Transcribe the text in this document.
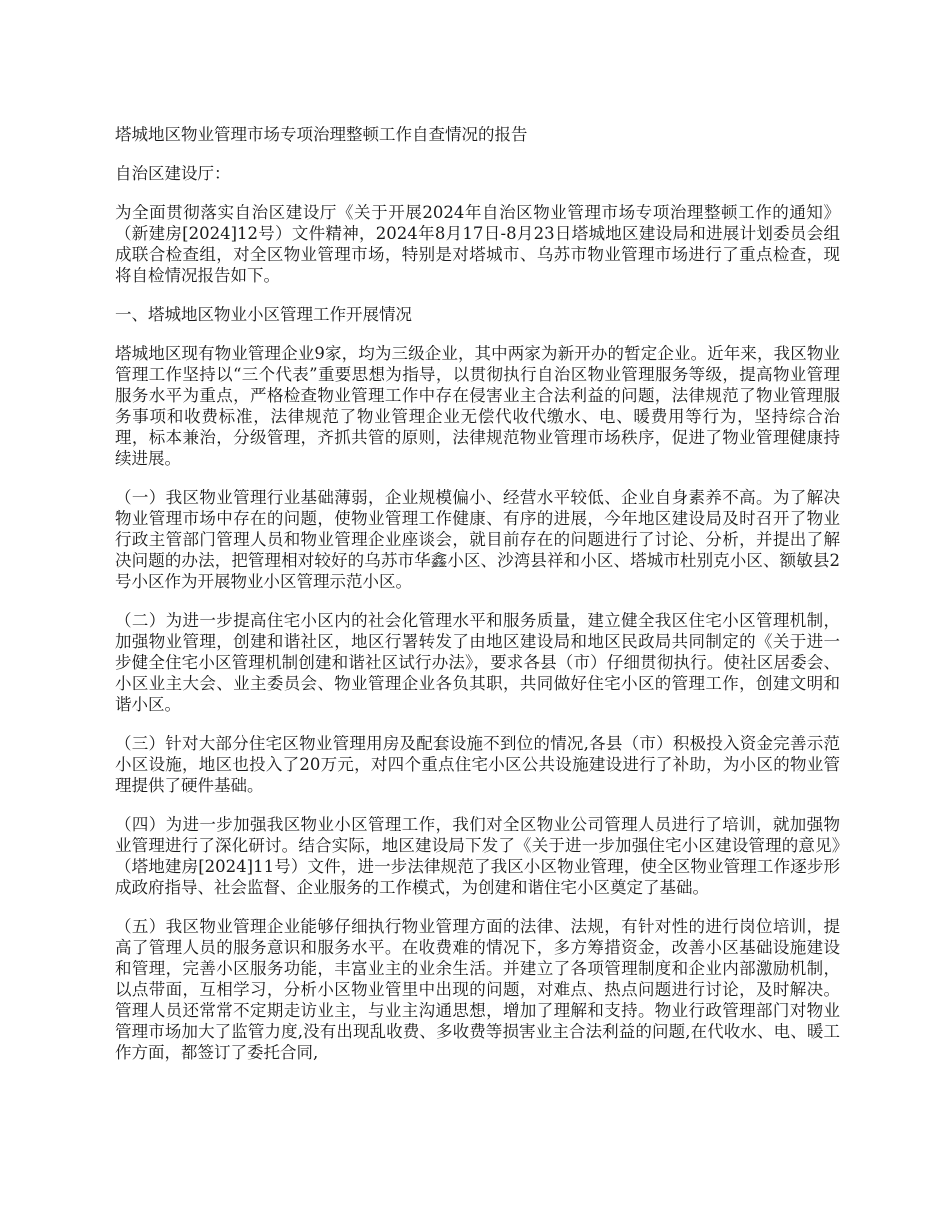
塔城地区物业管理市场专项治理整顿工作自查情况的报告

自治区建设厅：

为全面贯彻落实自治区建设厅《关于开展2024年自治区物业管理市场专项治理整顿工作的通知》（新建房[2024]12号）文件精神，2024年8月17日-8月23日塔城地区建设局和进展计划委员会组成联合检查组，对全区物业管理市场，特别是对塔城市、乌苏市物业管理市场进行了重点检查，现将自检情况报告如下。

一、塔城地区物业小区管理工作开展情况

塔城地区现有物业管理企业9家，均为三级企业，其中两家为新开办的暂定企业。近年来，我区物业管理工作坚持以“三个代表”重要思想为指导，以贯彻执行自治区物业管理服务等级，提高物业管理服务水平为重点，严格检查物业管理工作中存在侵害业主合法利益的问题，法律规范了物业管理服务事项和收费标准，法律规范了物业管理企业无偿代收代缴水、电、暖费用等行为，坚持综合治理，标本兼治，分级管理，齐抓共管的原则，法律规范物业管理市场秩序，促进了物业管理健康持续进展。

（一）我区物业管理行业基础薄弱，企业规模偏小、经营水平较低、企业自身素养不高。为了解决物业管理市场中存在的问题，使物业管理工作健康、有序的进展，今年地区建设局及时召开了物业行政主管部门管理人员和物业管理企业座谈会，就目前存在的问题进行了讨论、分析，并提出了解决问题的办法，把管理相对较好的乌苏市华鑫小区、沙湾县祥和小区、塔城市杜别克小区、额敏县2号小区作为开展物业小区管理示范小区。

（二）为进一步提高住宅小区内的社会化管理水平和服务质量，建立健全我区住宅小区管理机制，加强物业管理，创建和谐社区，地区行署转发了由地区建设局和地区民政局共同制定的《关于进一步健全住宅小区管理机制创建和谐社区试行办法》，要求各县（市）仔细贯彻执行。使社区居委会、小区业主大会、业主委员会、物业管理企业各负其职，共同做好住宅小区的管理工作，创建文明和谐小区。

（三）针对大部分住宅区物业管理用房及配套设施不到位的情况,各县（市）积极投入资金完善示范小区设施，地区也投入了20万元，对四个重点住宅小区公共设施建设进行了补助，为小区的物业管理提供了硬件基础。

（四）为进一步加强我区物业小区管理工作，我们对全区物业公司管理人员进行了培训，就加强物业管理进行了深化研讨。结合实际，地区建设局下发了《关于进一步加强住宅小区建设管理的意见》（塔地建房[2024]11号）文件，进一步法律规范了我区小区物业管理，使全区物业管理工作逐步形成政府指导、社会监督、企业服务的工作模式，为创建和谐住宅小区奠定了基础。

（五）我区物业管理企业能够仔细执行物业管理方面的法律、法规，有针对性的进行岗位培训，提高了管理人员的服务意识和服务水平。在收费难的情况下，多方筹措资金，改善小区基础设施建设和管理，完善小区服务功能，丰富业主的业余生活。并建立了各项管理制度和企业内部激励机制，以点带面，互相学习，分析小区物业管里中出现的问题，对难点、热点问题进行讨论，及时解决。管理人员还常常不定期走访业主，与业主沟通思想，增加了理解和支持。物业行政管理部门对物业管理市场加大了监管力度,没有出现乱收费、多收费等损害业主合法利益的问题,在代收水、电、暖工作方面，都签订了委托合同,
